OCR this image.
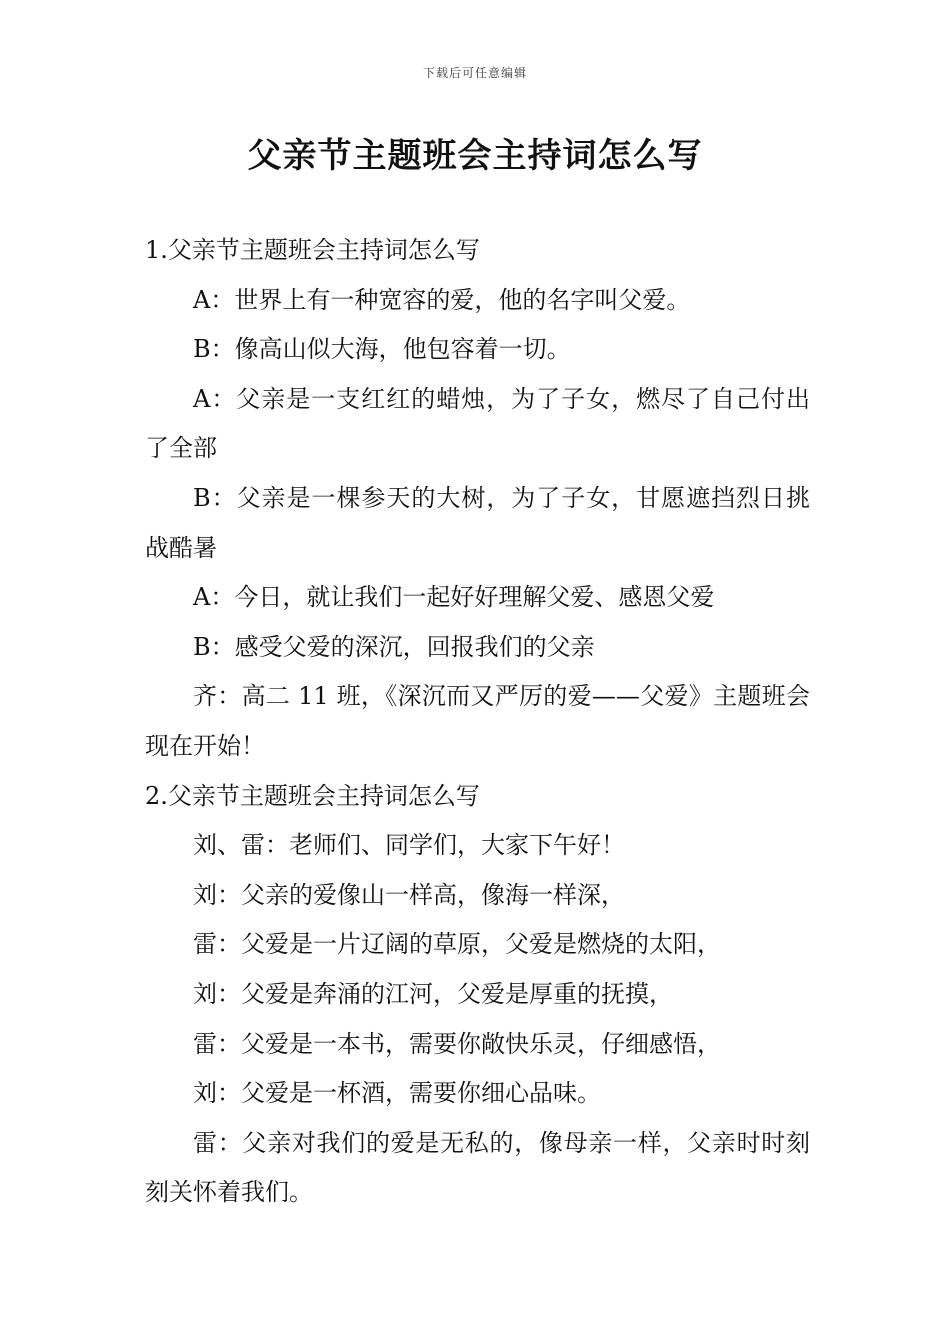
下载后可任意编辑
父亲节主题班会主持词怎么写

1.父亲节主题班会主持词怎么写

A：世界上有一种宽容的爱，他的名字叫父爱。

B：像高山似大海，他包容着一切。

A：父亲是一支红红的蜡烛，为了子女，燃尽了自己付出了全部

B：父亲是一棵参天的大树，为了子女，甘愿遮挡烈日挑战酷暑

A：今日，就让我们一起好好理解父爱、感恩父爱

B：感受父爱的深沉，回报我们的父亲

齐：高二 11 班，《深沉而又严厉的爱——父爱》主题班会现在开始！

2.父亲节主题班会主持词怎么写

刘、雷：老师们、同学们，大家下午好！

刘：父亲的爱像山一样高，像海一样深，

雷：父爱是一片辽阔的草原，父爱是燃烧的太阳，

刘：父爱是奔涌的江河，父爱是厚重的抚摸，

雷：父爱是一本书，需要你敞快乐灵，仔细感悟，

刘：父爱是一杯酒，需要你细心品味。

雷：父亲对我们的爱是无私的，像母亲一样，父亲时时刻刻关怀着我们。
